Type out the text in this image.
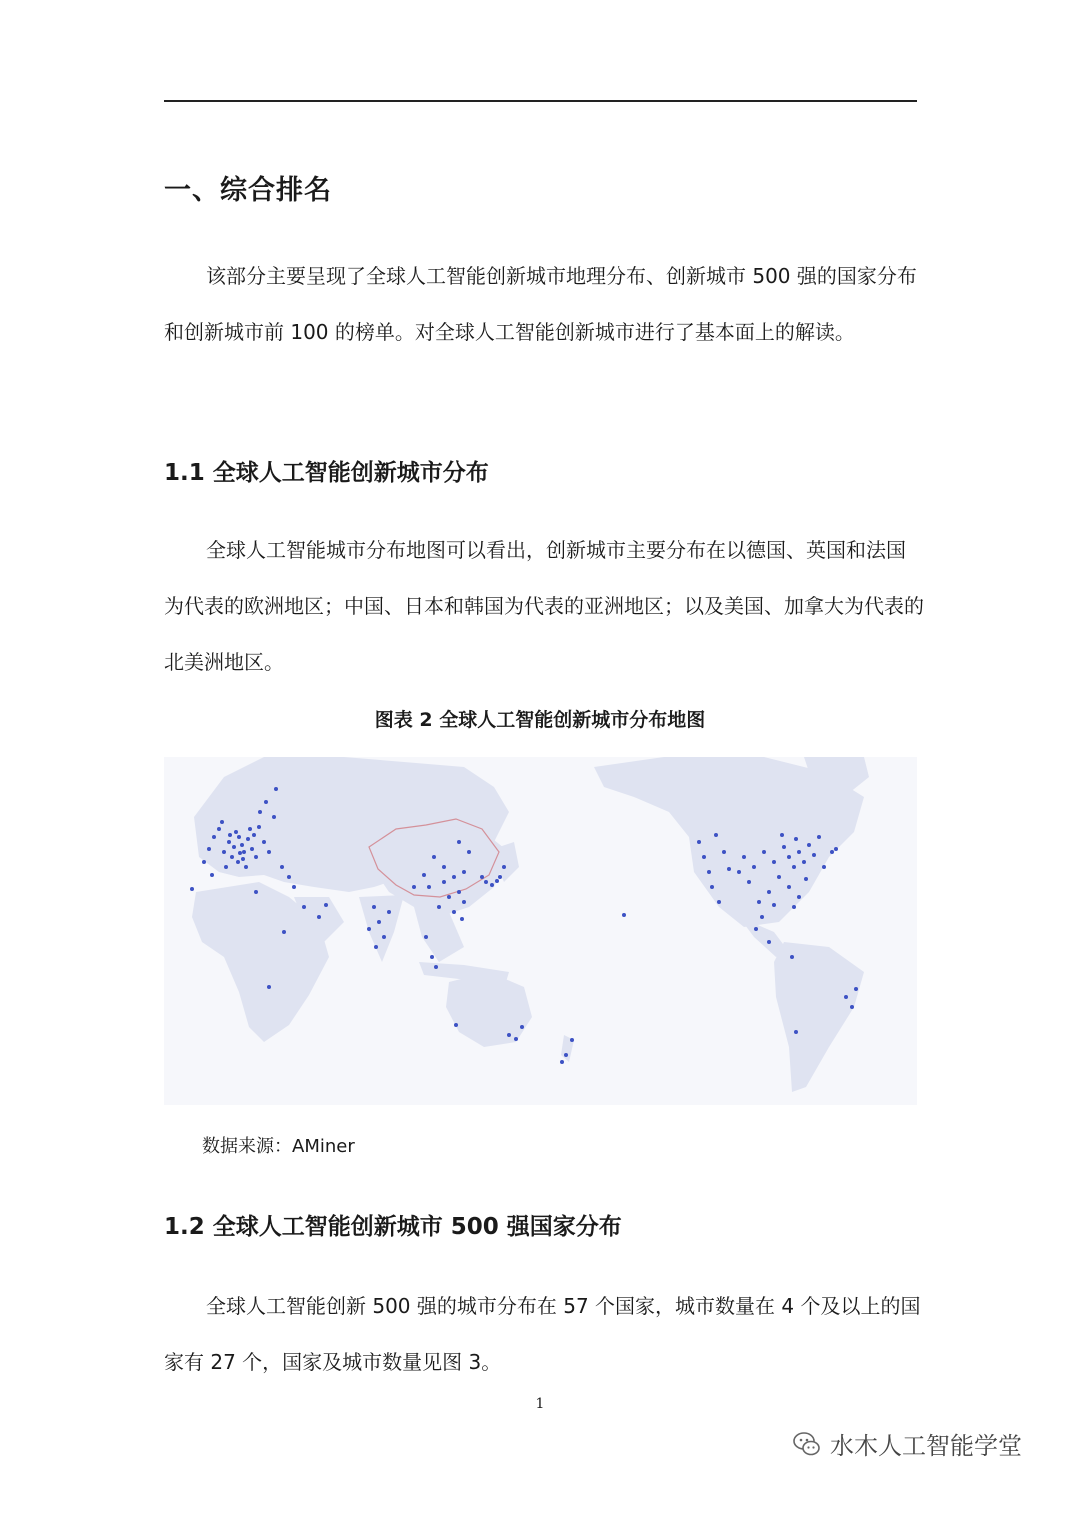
一、综合排名

该部分主要呈现了全球人工智能创新城市地理分布、创新城市 500 强的国家分布和创新城市前 100 的榜单。对全球人工智能创新城市进行了基本面上的解读。

1.1 全球人工智能创新城市分布

全球人工智能城市分布地图可以看出，创新城市主要分布在以德国、英国和法国为代表的欧洲地区；中国、日本和韩国为代表的亚洲地区；以及美国、加拿大为代表的北美洲地区。

图表 2 全球人工智能创新城市分布地图
数据来源：AMiner
1.2 全球人工智能创新城市 500 强国家分布

全球人工智能创新 500 强的城市分布在 57 个国家，城市数量在 4 个及以上的国家有 27 个，国家及城市数量见图 3。

1
水木人工智能学堂
